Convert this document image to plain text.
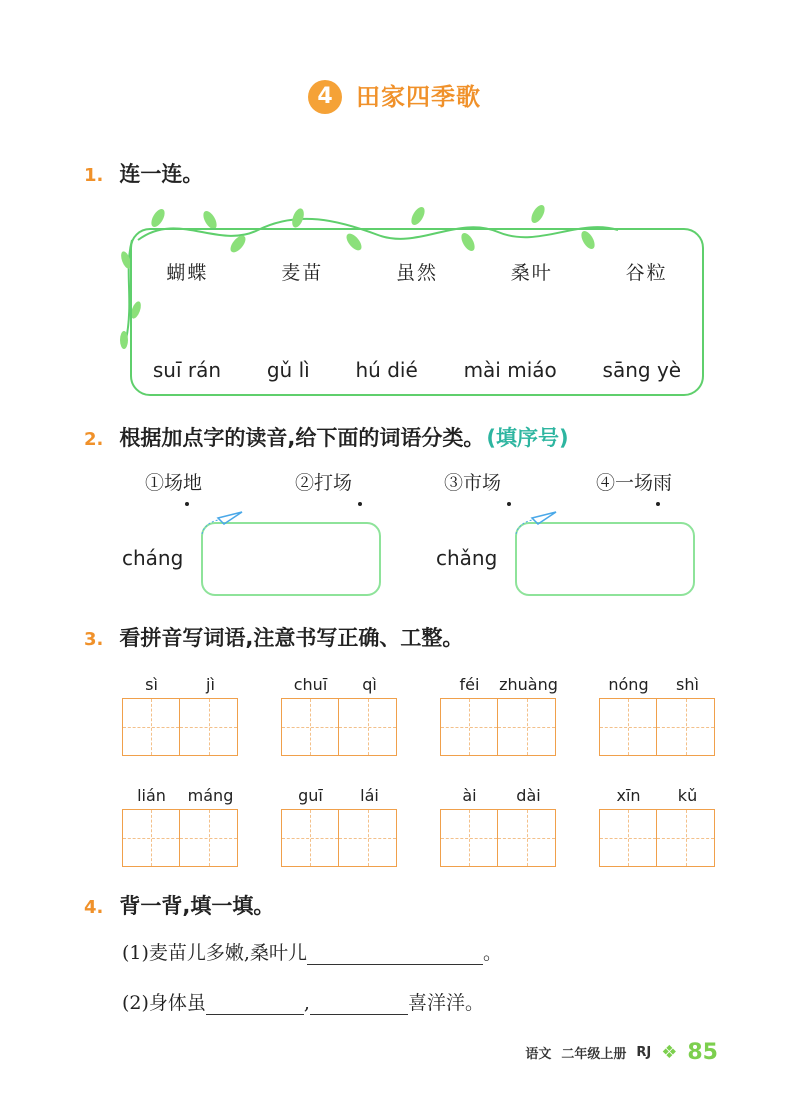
4 田家四季歌
1. 连一连。
蝴蝶	麦苗	虽然	桑叶	谷粒
suī rán gǔ lì hú dié mài miáo sāng yè
2. 根据加点字的读音,给下面的词语分类。 (填序号)
①场地	②打场	③市场	④一场雨
cháng	chǎng
3. 看拼音写词语,注意书写正确、工整。
sì	jì	chuī	qì	féi	zhuàng	nóng	shì
lián	máng	guī	lái	ài	dài	xīn	kǔ
4. 背一背,填一填。
(1)麦苗儿多嫩,桑叶儿	。
(2)身体虽	,	喜洋洋。
语文 二年级上册 RJ ❖ 85
